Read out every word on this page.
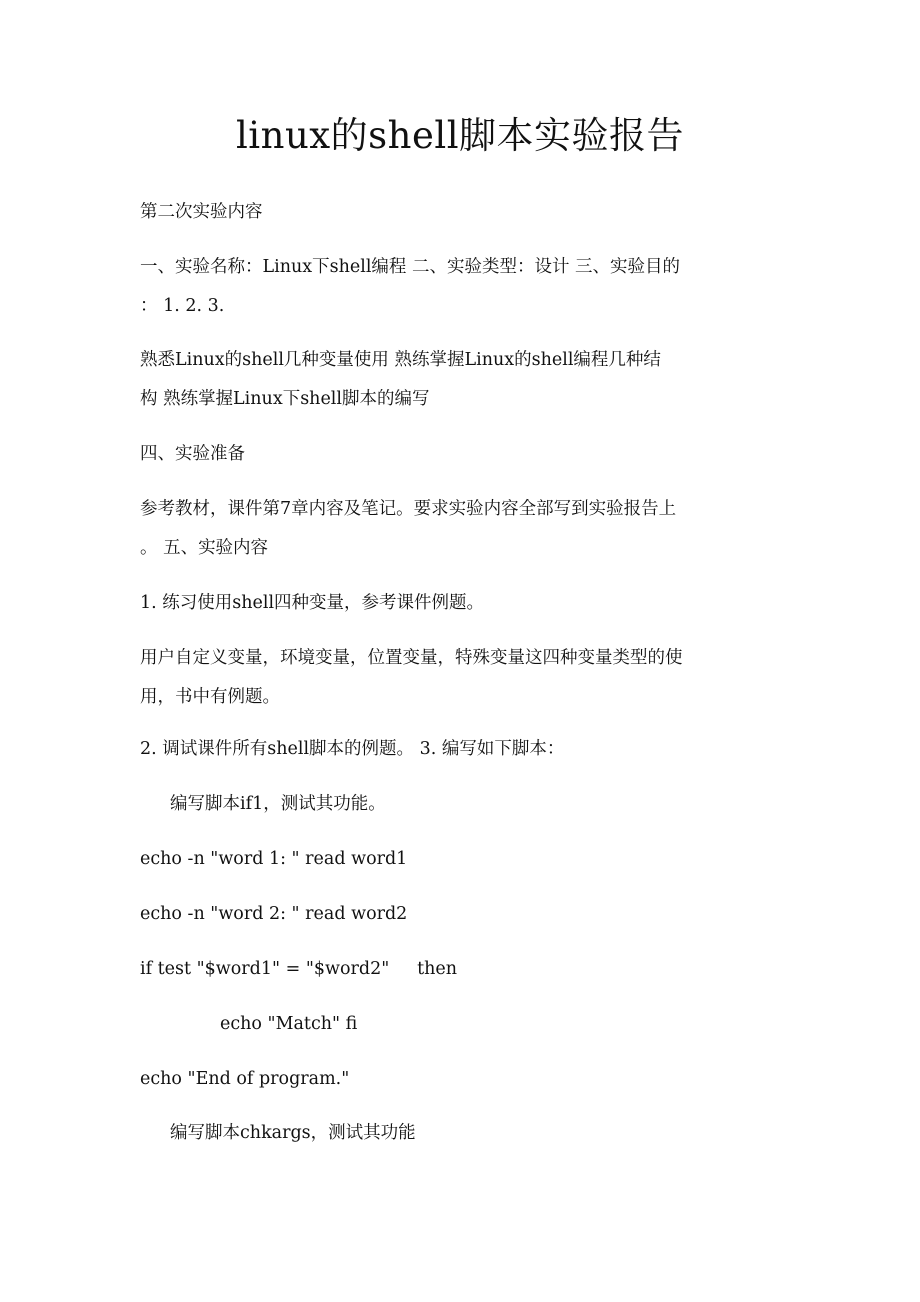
linux的shell脚本实验报告

第二次实验内容

一、实验名称：Linux下shell编程 二、实验类型：设计 三、实验目的

： 1. 2. 3.

熟悉Linux的shell几种变量使用 熟练掌握Linux的shell编程几种结

构 熟练掌握Linux下shell脚本的编写

四、实验准备

参考教材，课件第7章内容及笔记。要求实验内容全部写到实验报告上

。 五、实验内容

1. 练习使用shell四种变量，参考课件例题。

用户自定义变量，环境变量，位置变量，特殊变量这四种变量类型的使

用，书中有例题。

2. 调试课件所有shell脚本的例题。 3. 编写如下脚本：

编写脚本if1，测试其功能。

echo -n "word 1: " read word1

echo -n "word 2: " read word2

if test "$word1" = "$word2"     then

echo "Match" fi

echo "End of program."

编写脚本chkargs，测试其功能
